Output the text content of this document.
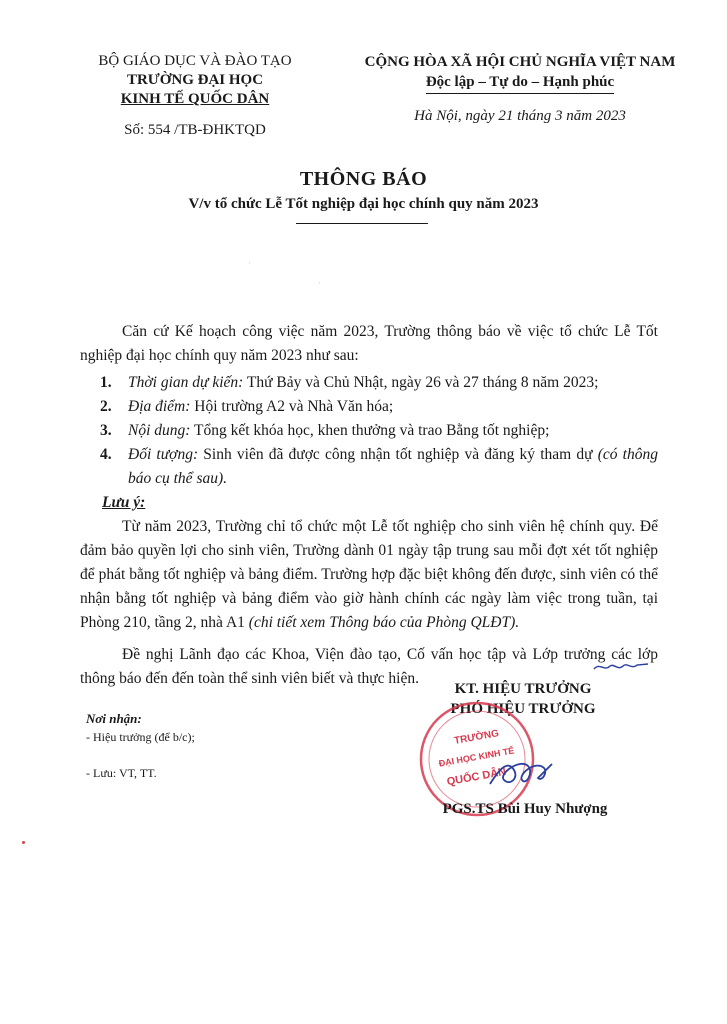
BỘ GIÁO DỤC VÀ ĐÀO TẠO
TRƯỜNG ĐẠI HỌC
KINH TẾ QUỐC DÂN
Số: 554 /TB-ĐHKTQD
CỘNG HÒA XÃ HỘI CHỦ NGHĨA VIỆT NAM
Độc lập – Tự do – Hạnh phúc
Hà Nội, ngày 21 tháng 3 năm 2023
THÔNG BÁO
V/v tổ chức Lễ Tốt nghiệp đại học chính quy năm 2023
·
·

Căn cứ Kế hoạch công việc năm 2023, Trường thông báo về việc tổ chức Lễ Tốt nghiệp đại học chính quy năm 2023 như sau:

1. Thời gian dự kiến: Thứ Bảy và Chủ Nhật, ngày 26 và 27 tháng 8 năm 2023;
2. Địa điểm: Hội trường A2 và Nhà Văn hóa;
3. Nội dung: Tổng kết khóa học, khen thưởng và trao Bằng tốt nghiệp;
4. Đối tượng: Sinh viên đã được công nhận tốt nghiệp và đăng ký tham dự (có thông báo cụ thể sau).

Lưu ý:

Từ năm 2023, Trường chỉ tổ chức một Lễ tốt nghiệp cho sinh viên hệ chính quy. Để đảm bảo quyền lợi cho sinh viên, Trường dành 01 ngày tập trung sau mỗi đợt xét tốt nghiệp để phát bằng tốt nghiệp và bảng điểm. Trường hợp đặc biệt không đến được, sinh viên có thể nhận bằng tốt nghiệp và bảng điểm vào giờ hành chính các ngày làm việc trong tuần, tại Phòng 210, tầng 2, nhà A1 (chi tiết xem Thông báo của Phòng QLĐT).

Đề nghị Lãnh đạo các Khoa, Viện đào tạo, Cố vấn học tập và Lớp trưởng các lớp thông báo đến đến toàn thể sinh viên biết và thực hiện.

KT. HIỆU TRƯỞNG
PHÓ HIỆU TRƯỞNG
TRƯỜNG
ĐẠI HỌC KINH TẾ
QUỐC DÂN
PGS.TS Bùi Huy Nhượng
Nơi nhận:
- Hiệu trưởng (để b/c);
- Lưu: VT, TT.
